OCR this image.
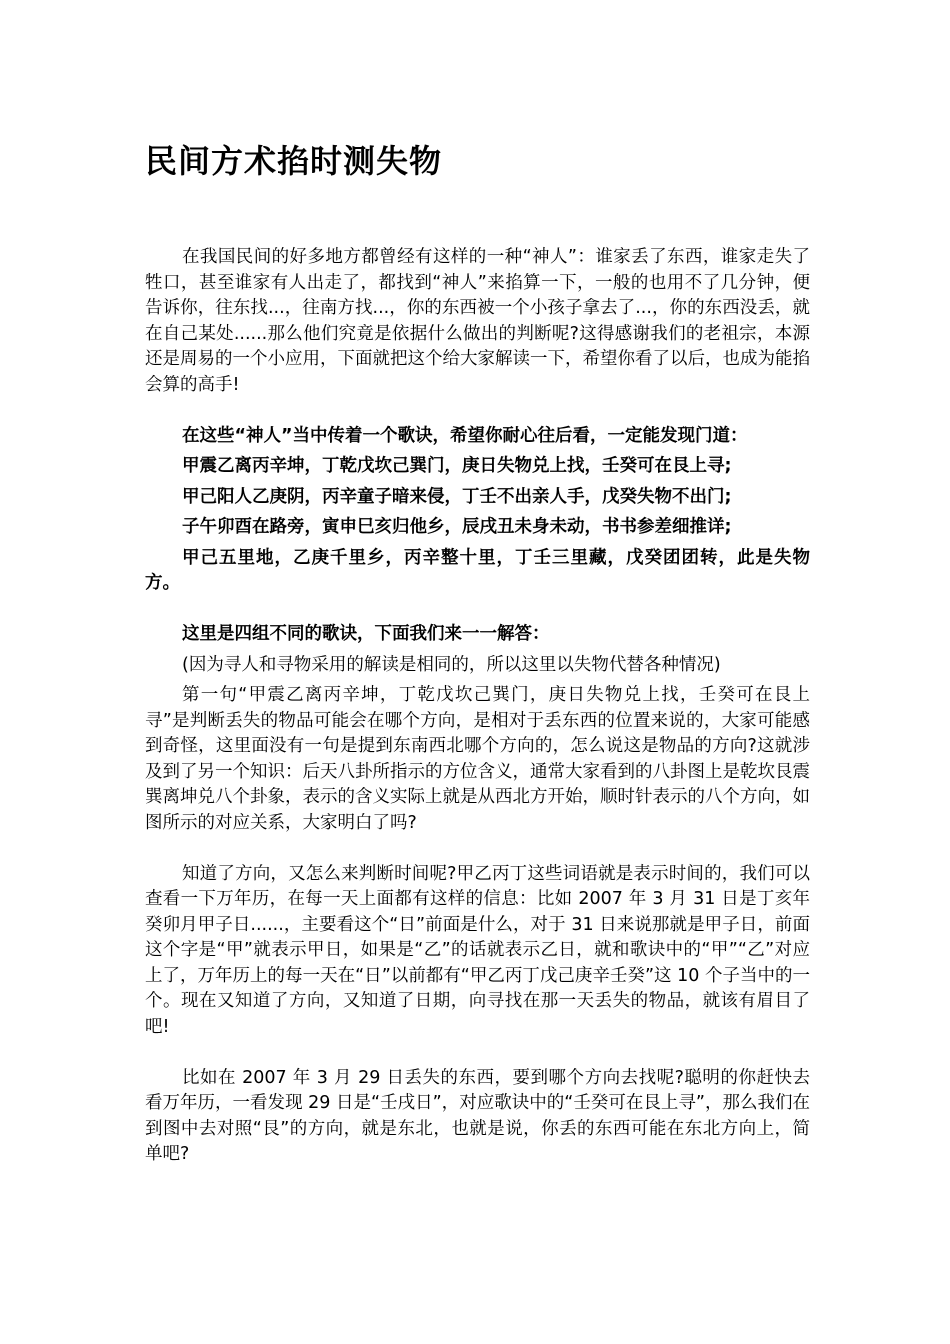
民间方术掐时测失物

在我国民间的好多地方都曾经有这样的一种“神人”：谁家丢了东西，谁家走失了牲口，甚至谁家有人出走了，都找到“神人”来掐算一下，一般的也用不了几分钟，便告诉你，往东找...，往南方找...，你的东西被一个小孩子拿去了...，你的东西没丢，就在自己某处......那么他们究竟是依据什么做出的判断呢?这得感谢我们的老祖宗，本源还是周易的一个小应用，下面就把这个给大家解读一下，希望你看了以后，也成为能掐会算的高手!

在这些“神人”当中传着一个歌诀，希望你耐心往后看，一定能发现门道：

甲震乙离丙辛坤，丁乾戊坎己巽门，庚日失物兑上找，壬癸可在艮上寻;

甲己阳人乙庚阴，丙辛童子暗来侵，丁壬不出亲人手，戊癸失物不出门;

子午卯酉在路旁，寅申巳亥归他乡，辰戌丑未身未动，书书参差细推详;

甲己五里地，乙庚千里乡，丙辛整十里，丁壬三里藏，戊癸团团转，此是失物方。

这里是四组不同的歌诀，下面我们来一一解答：

(因为寻人和寻物采用的解读是相同的，所以这里以失物代替各种情况)

第一句“甲震乙离丙辛坤，丁乾戊坎己巽门，庚日失物兑上找，壬癸可在艮上寻”是判断丢失的物品可能会在哪个方向，是相对于丢东西的位置来说的，大家可能感到奇怪，这里面没有一句是提到东南西北哪个方向的，怎么说这是物品的方向?这就涉及到了另一个知识：后天八卦所指示的方位含义，通常大家看到的八卦图上是乾坎艮震巽离坤兑八个卦象，表示的含义实际上就是从西北方开始，顺时针表示的八个方向，如图所示的对应关系，大家明白了吗?

知道了方向，又怎么来判断时间呢?甲乙丙丁这些词语就是表示时间的，我们可以查看一下万年历，在每一天上面都有这样的信息：比如 2007 年 3 月 31 日是丁亥年癸卯月甲子日......，主要看这个“日”前面是什么，对于 31 日来说那就是甲子日，前面这个字是“甲”就表示甲日，如果是“乙”的话就表示乙日，就和歌诀中的“甲”“乙”对应上了，万年历上的每一天在“日”以前都有“甲乙丙丁戊己庚辛壬癸”这 10 个子当中的一个。现在又知道了方向，又知道了日期，向寻找在那一天丢失的物品，就该有眉目了吧!

比如在 2007 年 3 月 29 日丢失的东西，要到哪个方向去找呢?聪明的你赶快去看万年历，一看发现 29 日是“壬戌日”，对应歌诀中的“壬癸可在艮上寻”，那么我们在到图中去对照“艮”的方向，就是东北，也就是说，你丢的东西可能在东北方向上，简单吧?
